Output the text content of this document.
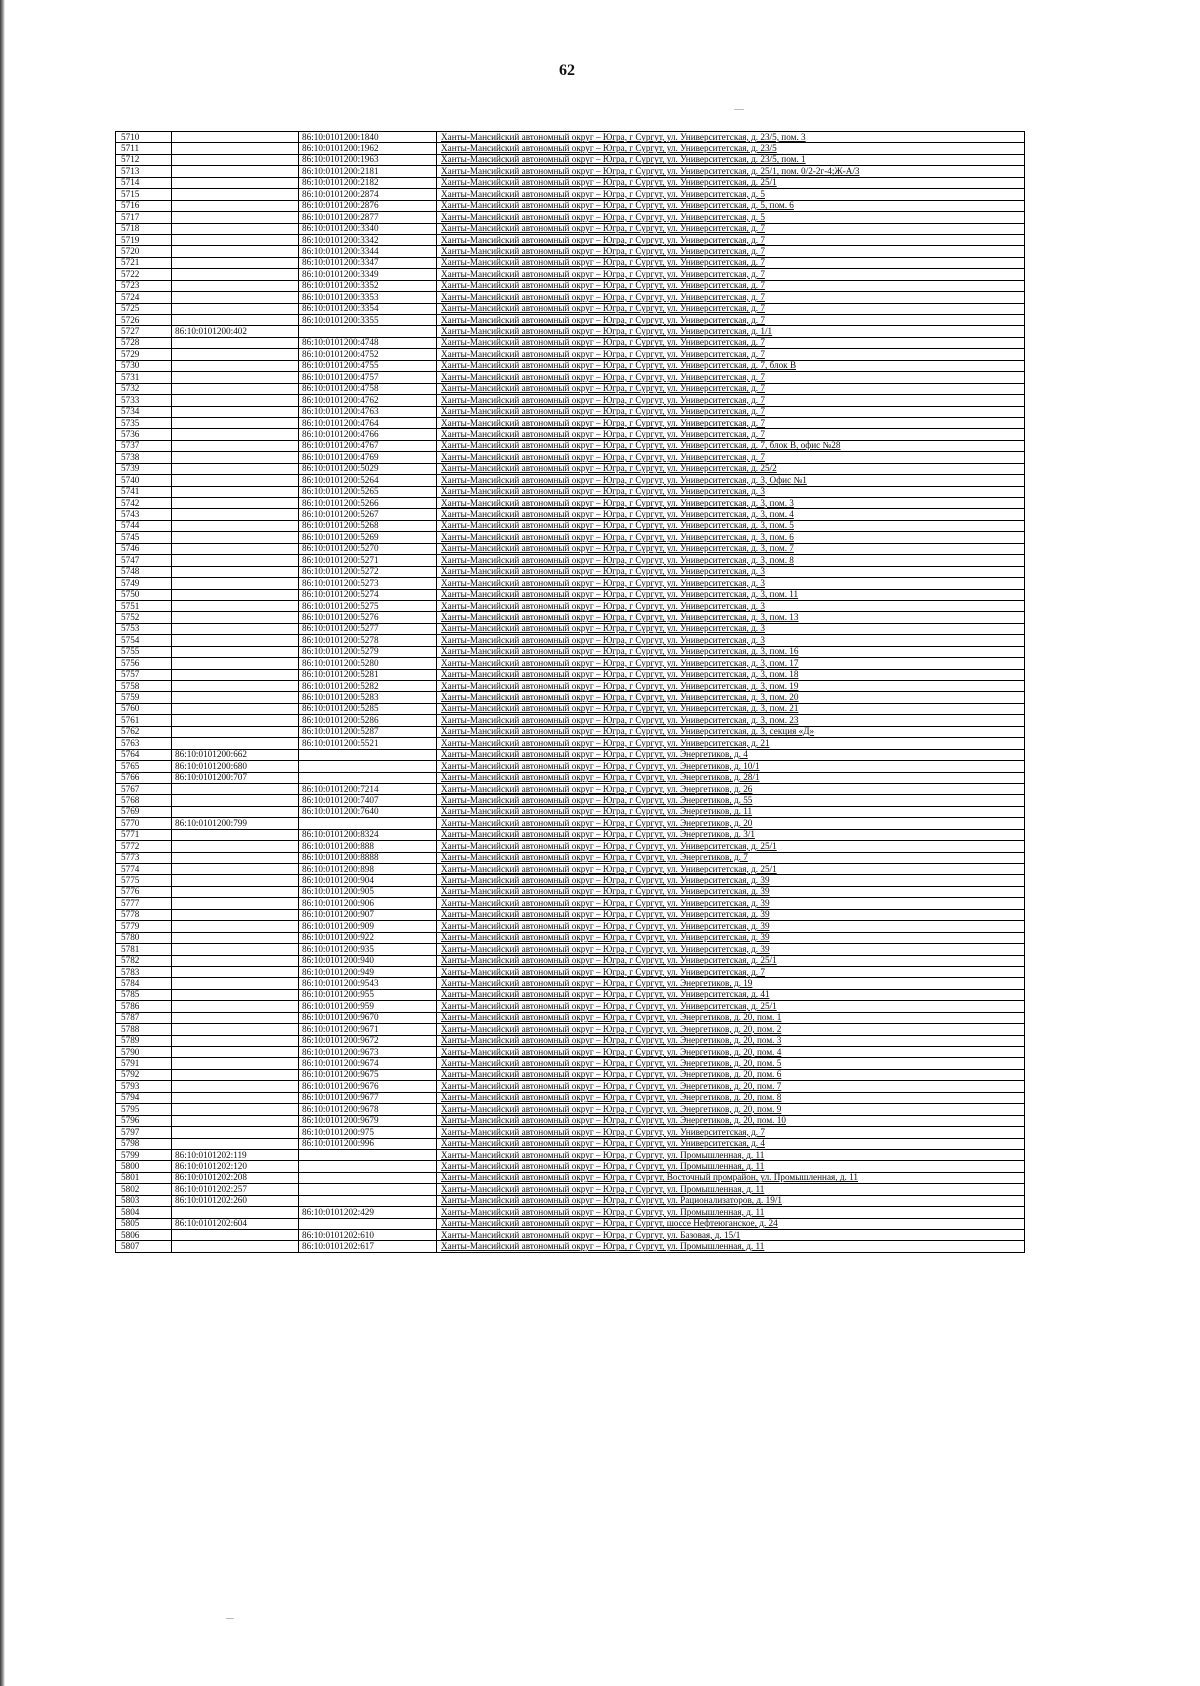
62
5710		86:10:0101200:1840	Ханты-Мансийский автономный округ – Югра, г Сургут, ул. Университетская, д. 23/5, пом. 3
5711		86:10:0101200:1962	Ханты-Мансийский автономный округ – Югра, г Сургут, ул. Университетская, д. 23/5
5712		86:10:0101200:1963	Ханты-Мансийский автономный округ – Югра, г Сургут, ул. Университетская, д. 23/5, пом. 1
5713		86:10:0101200:2181	Ханты-Мансийский автономный округ – Югра, г Сургут, ул. Университетская, д. 25/1, пом. 0/2-2г-4;Ж-А/3
5714		86:10:0101200:2182	Ханты-Мансийский автономный округ – Югра, г Сургут, ул. Университетская, д. 25/1
5715		86:10:0101200:2874	Ханты-Мансийский автономный округ – Югра, г Сургут, ул. Университетская, д. 5
5716		86:10:0101200:2876	Ханты-Мансийский автономный округ – Югра, г Сургут, ул. Университетская, д. 5, пом. 6
5717		86:10:0101200:2877	Ханты-Мансийский автономный округ – Югра, г Сургут, ул. Университетская, д. 5
5718		86:10:0101200:3340	Ханты-Мансийский автономный округ – Югра, г Сургут, ул. Университетская, д. 7
5719		86:10:0101200:3342	Ханты-Мансийский автономный округ – Югра, г Сургут, ул. Университетская, д. 7
5720		86:10:0101200:3344	Ханты-Мансийский автономный округ – Югра, г Сургут, ул. Университетская, д. 7
5721		86:10:0101200:3347	Ханты-Мансийский автономный округ – Югра, г Сургут, ул. Университетская, д. 7
5722		86:10:0101200:3349	Ханты-Мансийский автономный округ – Югра, г Сургут, ул. Университетская, д. 7
5723		86:10:0101200:3352	Ханты-Мансийский автономный округ – Югра, г Сургут, ул. Университетская, д. 7
5724		86:10:0101200:3353	Ханты-Мансийский автономный округ – Югра, г Сургут, ул. Университетская, д. 7
5725		86:10:0101200:3354	Ханты-Мансийский автономный округ – Югра, г Сургут, ул. Университетская, д. 7
5726		86:10:0101200:3355	Ханты-Мансийский автономный округ – Югра, г Сургут, ул. Университетская, д. 7
5727	86:10:0101200:402		Ханты-Мансийский автономный округ – Югра, г Сургут, ул. Университетская, д. 1/1
5728		86:10:0101200:4748	Ханты-Мансийский автономный округ – Югра, г Сургут, ул. Университетская, д. 7
5729		86:10:0101200:4752	Ханты-Мансийский автономный округ – Югра, г Сургут, ул. Университетская, д. 7
5730		86:10:0101200:4755	Ханты-Мансийский автономный округ – Югра, г Сургут, ул. Университетская, д. 7, блок В
5731		86:10:0101200:4757	Ханты-Мансийский автономный округ – Югра, г Сургут, ул. Университетская, д. 7
5732		86:10:0101200:4758	Ханты-Мансийский автономный округ – Югра, г Сургут, ул. Университетская, д. 7
5733		86:10:0101200:4762	Ханты-Мансийский автономный округ – Югра, г Сургут, ул. Университетская, д. 7
5734		86:10:0101200:4763	Ханты-Мансийский автономный округ – Югра, г Сургут, ул. Университетская, д. 7
5735		86:10:0101200:4764	Ханты-Мансийский автономный округ – Югра, г Сургут, ул. Университетская, д. 7
5736		86:10:0101200:4766	Ханты-Мансийский автономный округ – Югра, г Сургут, ул. Университетская, д. 7
5737		86:10:0101200:4767	Ханты-Мансийский автономный округ – Югра, г Сургут, ул. Университетская, д. 7, блок В, офис №28
5738		86:10:0101200:4769	Ханты-Мансийский автономный округ – Югра, г Сургут, ул. Университетская, д. 7
5739		86:10:0101200:5029	Ханты-Мансийский автономный округ – Югра, г Сургут, ул. Университетская, д. 25/2
5740		86:10:0101200:5264	Ханты-Мансийский автономный округ – Югра, г Сургут, ул. Университетская, д. 3, Офис №1
5741		86:10:0101200:5265	Ханты-Мансийский автономный округ – Югра, г Сургут, ул. Университетская, д. 3
5742		86:10:0101200:5266	Ханты-Мансийский автономный округ – Югра, г Сургут, ул. Университетская, д. 3, пом. 3
5743		86:10:0101200:5267	Ханты-Мансийский автономный округ – Югра, г Сургут, ул. Университетская, д. 3, пом. 4
5744		86:10:0101200:5268	Ханты-Мансийский автономный округ – Югра, г Сургут, ул. Университетская, д. 3, пом. 5
5745		86:10:0101200:5269	Ханты-Мансийский автономный округ – Югра, г Сургут, ул. Университетская, д. 3, пом. 6
5746		86:10:0101200:5270	Ханты-Мансийский автономный округ – Югра, г Сургут, ул. Университетская, д. 3, пом. 7
5747		86:10:0101200:5271	Ханты-Мансийский автономный округ – Югра, г Сургут, ул. Университетская, д. 3, пом. 8
5748		86:10:0101200:5272	Ханты-Мансийский автономный округ – Югра, г Сургут, ул. Университетская, д. 3
5749		86:10:0101200:5273	Ханты-Мансийский автономный округ – Югра, г Сургут, ул. Университетская, д. 3
5750		86:10:0101200:5274	Ханты-Мансийский автономный округ – Югра, г Сургут, ул. Университетская, д. 3, пом. 11
5751		86:10:0101200:5275	Ханты-Мансийский автономный округ – Югра, г Сургут, ул. Университетская, д. 3
5752		86:10:0101200:5276	Ханты-Мансийский автономный округ – Югра, г Сургут, ул. Университетская, д. 3, пом. 13
5753		86:10:0101200:5277	Ханты-Мансийский автономный округ – Югра, г Сургут, ул. Университетская, д. 3
5754		86:10:0101200:5278	Ханты-Мансийский автономный округ – Югра, г Сургут, ул. Университетская, д. 3
5755		86:10:0101200:5279	Ханты-Мансийский автономный округ – Югра, г Сургут, ул. Университетская, д. 3, пом. 16
5756		86:10:0101200:5280	Ханты-Мансийский автономный округ – Югра, г Сургут, ул. Университетская, д. 3, пом. 17
5757		86:10:0101200:5281	Ханты-Мансийский автономный округ – Югра, г Сургут, ул. Университетская, д. 3, пом. 18
5758		86:10:0101200:5282	Ханты-Мансийский автономный округ – Югра, г Сургут, ул. Университетская, д. 3, пом. 19
5759		86:10:0101200:5283	Ханты-Мансийский автономный округ – Югра, г Сургут, ул. Университетская, д. 3, пом. 20
5760		86:10:0101200:5285	Ханты-Мансийский автономный округ – Югра, г Сургут, ул. Университетская, д. 3, пом. 21
5761		86:10:0101200:5286	Ханты-Мансийский автономный округ – Югра, г Сургут, ул. Университетская, д. 3, пом. 23
5762		86:10:0101200:5287	Ханты-Мансийский автономный округ – Югра, г Сургут, ул. Университетская, д. 3, секция «Д»
5763		86:10:0101200:5521	Ханты-Мансийский автономный округ – Югра, г Сургут, ул. Университетская, д. 21
5764	86:10:0101200:662		Ханты-Мансийский автономный округ – Югра, г Сургут, ул. Энергетиков, д. 4
5765	86:10:0101200:680		Ханты-Мансийский автономный округ – Югра, г Сургут, ул. Энергетиков, д. 10/1
5766	86:10:0101200:707		Ханты-Мансийский автономный округ – Югра, г Сургут, ул. Энергетиков, д. 28/1
5767		86:10:0101200:7214	Ханты-Мансийский автономный округ – Югра, г Сургут, ул. Энергетиков, д. 26
5768		86:10:0101200:7407	Ханты-Мансийский автономный округ – Югра, г Сургут, ул. Энергетиков, д. 55
5769		86:10:0101200:7640	Ханты-Мансийский автономный округ – Югра, г Сургут, ул. Энергетиков, д. 11
5770	86:10:0101200:799		Ханты-Мансийский автономный округ – Югра, г Сургут, ул. Энергетиков, д. 20
5771		86:10:0101200:8324	Ханты-Мансийский автономный округ – Югра, г Сургут, ул. Энергетиков, д. 3/1
5772		86:10:0101200:888	Ханты-Мансийский автономный округ – Югра, г Сургут, ул. Университетская, д. 25/1
5773		86:10:0101200:8888	Ханты-Мансийский автономный округ – Югра, г Сургут, ул. Энергетиков, д. 7
5774		86:10:0101200:898	Ханты-Мансийский автономный округ – Югра, г Сургут, ул. Университетская, д. 25/1
5775		86:10:0101200:904	Ханты-Мансийский автономный округ – Югра, г Сургут, ул. Университетская, д. 39
5776		86:10:0101200:905	Ханты-Мансийский автономный округ – Югра, г Сургут, ул. Университетская, д. 39
5777		86:10:0101200:906	Ханты-Мансийский автономный округ – Югра, г Сургут, ул. Университетская, д. 39
5778		86:10:0101200:907	Ханты-Мансийский автономный округ – Югра, г Сургут, ул. Университетская, д. 39
5779		86:10:0101200:909	Ханты-Мансийский автономный округ – Югра, г Сургут, ул. Университетская, д. 39
5780		86:10:0101200:922	Ханты-Мансийский автономный округ – Югра, г Сургут, ул. Университетская, д. 39
5781		86:10:0101200:935	Ханты-Мансийский автономный округ – Югра, г Сургут, ул. Университетская, д. 39
5782		86:10:0101200:940	Ханты-Мансийский автономный округ – Югра, г Сургут, ул. Университетская, д. 25/1
5783		86:10:0101200:949	Ханты-Мансийский автономный округ – Югра, г Сургут, ул. Университетская, д. 7
5784		86:10:0101200:9543	Ханты-Мансийский автономный округ – Югра, г Сургут, ул. Энергетиков, д. 19
5785		86:10:0101200:955	Ханты-Мансийский автономный округ – Югра, г Сургут, ул. Университетская, д. 41
5786		86:10:0101200:959	Ханты-Мансийский автономный округ – Югра, г Сургут, ул. Университетская, д. 25/1
5787		86:10:0101200:9670	Ханты-Мансийский автономный округ – Югра, г Сургут, ул. Энергетиков, д. 20, пом. 1
5788		86:10:0101200:9671	Ханты-Мансийский автономный округ – Югра, г Сургут, ул. Энергетиков, д. 20, пом. 2
5789		86:10:0101200:9672	Ханты-Мансийский автономный округ – Югра, г Сургут, ул. Энергетиков, д. 20, пом. 3
5790		86:10:0101200:9673	Ханты-Мансийский автономный округ – Югра, г Сургут, ул. Энергетиков, д. 20, пом. 4
5791		86:10:0101200:9674	Ханты-Мансийский автономный округ – Югра, г Сургут, ул. Энергетиков, д. 20, пом. 5
5792		86:10:0101200:9675	Ханты-Мансийский автономный округ – Югра, г Сургут, ул. Энергетиков, д. 20, пом. 6
5793		86:10:0101200:9676	Ханты-Мансийский автономный округ – Югра, г Сургут, ул. Энергетиков, д. 20, пом. 7
5794		86:10:0101200:9677	Ханты-Мансийский автономный округ – Югра, г Сургут, ул. Энергетиков, д. 20, пом. 8
5795		86:10:0101200:9678	Ханты-Мансийский автономный округ – Югра, г Сургут, ул. Энергетиков, д. 20, пом. 9
5796		86:10:0101200:9679	Ханты-Мансийский автономный округ – Югра, г Сургут, ул. Энергетиков, д. 20, пом. 10
5797		86:10:0101200:975	Ханты-Мансийский автономный округ – Югра, г Сургут, ул. Университетская, д. 7
5798		86:10:0101200:996	Ханты-Мансийский автономный округ – Югра, г Сургут, ул. Университетская, д. 4
5799	86:10:0101202:119		Ханты-Мансийский автономный округ – Югра, г Сургут, ул. Промышленная, д. 11
5800	86:10:0101202:120		Ханты-Мансийский автономный округ – Югра, г Сургут, ул. Промышленная, д. 11
5801	86:10:0101202:208		Ханты-Мансийский автономный округ – Югра, г Сургут, Восточный промрайон, ул. Промышленная, д. 11
5802	86:10:0101202:257		Ханты-Мансийский автономный округ – Югра, г Сургут, ул. Промышленная, д. 11
5803	86:10:0101202:260		Ханты-Мансийский автономный округ – Югра, г Сургут, ул. Рационализаторов, д. 19/1
5804		86:10:0101202:429	Ханты-Мансийский автономный округ – Югра, г Сургут, ул. Промышленная, д. 11
5805	86:10:0101202:604		Ханты-Мансийский автономный округ – Югра, г Сургут, шоссе Нефтеюганское, д. 24
5806		86:10:0101202:610	Ханты-Мансийский автономный округ – Югра, г Сургут, ул. Базовая, д. 15/1
5807		86:10:0101202:617	Ханты-Мансийский автономный округ – Югра, г Сургут, ул. Промышленная, д. 11
